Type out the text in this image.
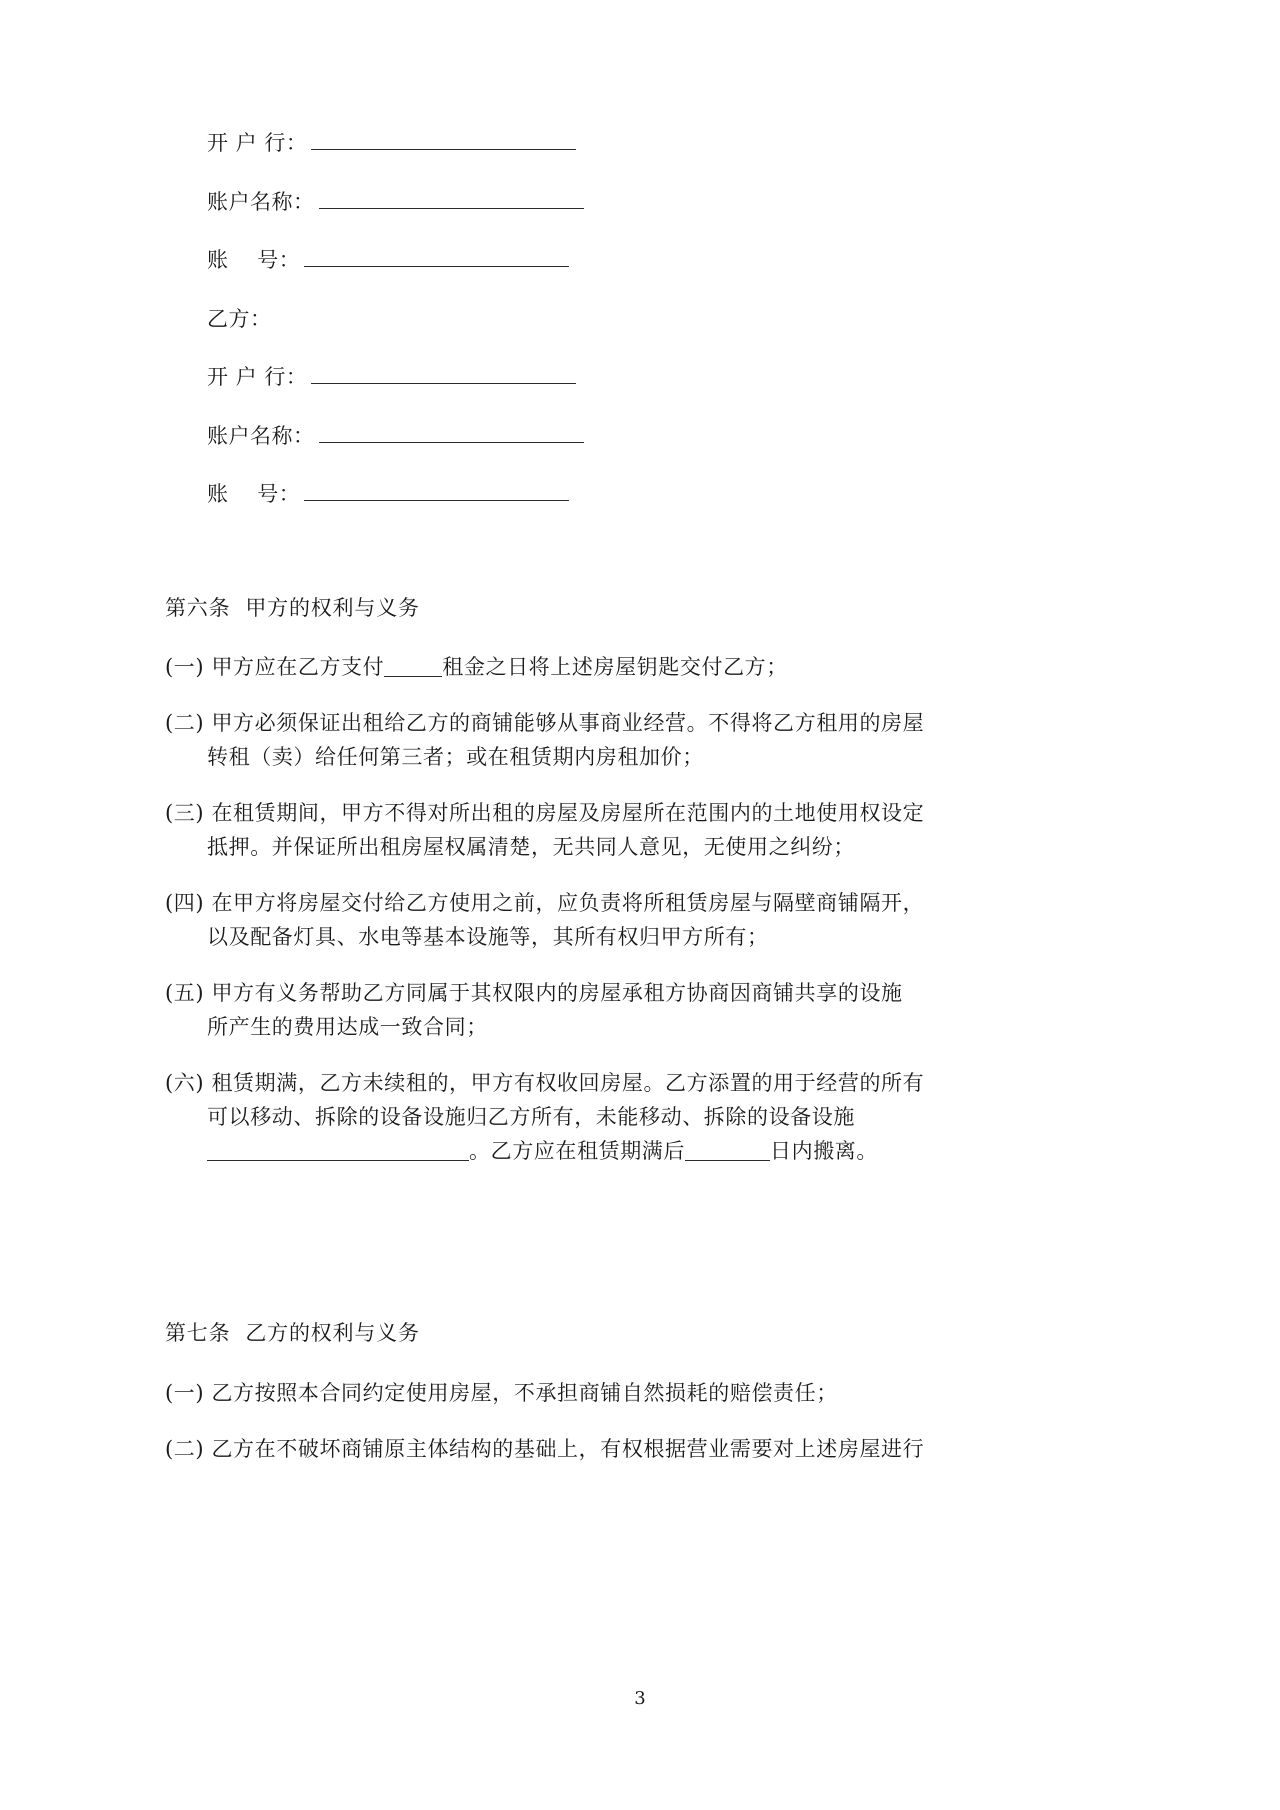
开 户 行：
账户名称：
账    号：
乙方：
开 户 行：
账户名称：
账    号：
第六条  甲方的权利与义务
(一) 甲方应在乙方支付	租金之日将上述房屋钥匙交付乙方；
(二) 甲方必须保证出租给乙方的商铺能够从事商业经营。不得将乙方租用的房屋
转租（卖）给任何第三者；或在租赁期内房租加价；
(三) 在租赁期间，甲方不得对所出租的房屋及房屋所在范围内的土地使用权设定
抵押。并保证所出租房屋权属清楚，无共同人意见，无使用之纠纷；
(四) 在甲方将房屋交付给乙方使用之前，应负责将所租赁房屋与隔壁商铺隔开，
以及配备灯具、水电等基本设施等，其所有权归甲方所有；
(五) 甲方有义务帮助乙方同属于其权限内的房屋承租方协商因商铺共享的设施
所产生的费用达成一致合同；
(六) 租赁期满，乙方未续租的，甲方有权收回房屋。乙方添置的用于经营的所有
可以移动、拆除的设备设施归乙方所有，未能移动、拆除的设备设施
。乙方应在租赁期满后	日内搬离。
第七条  乙方的权利与义务
(一) 乙方按照本合同约定使用房屋，不承担商铺自然损耗的赔偿责任；
(二) 乙方在不破坏商铺原主体结构的基础上，有权根据营业需要对上述房屋进行
3
